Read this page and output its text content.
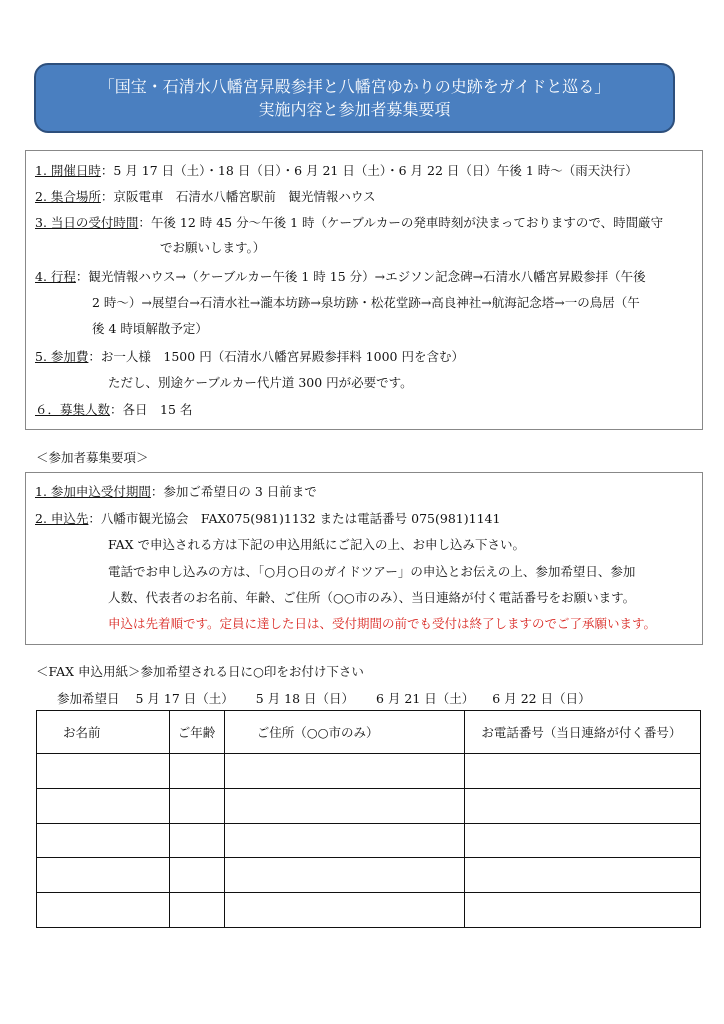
「国宝・石清水八幡宮昇殿参拝と八幡宮ゆかりの史跡をガイドと巡る」
実施内容と参加者募集要項
1. 開催日時：5 月 17 日（土）・18 日（日）・6 月 21 日（土）・6 月 22 日（日）午後 1 時～（雨天決行）
2. 集合場所：京阪電車　石清水八幡宮駅前　観光情報ハウス
3. 当日の受付時間：午後 12 時 45 分～午後 1 時（ケーブルカーの発車時刻が決まっておりますので、時間厳守
でお願いします。）
4. 行程：観光情報ハウス→（ケーブルカー午後 1 時 15 分）→エジソン記念碑→石清水八幡宮昇殿参拝（午後
2 時～）→展望台→石清水社→瀧本坊跡→泉坊跡・松花堂跡→高良神社→航海記念塔→一の鳥居（午
後 4 時頃解散予定）
5. 参加費：お一人様　1500 円（石清水八幡宮昇殿参拝料 1000 円を含む）
ただし、別途ケーブルカー代片道 300 円が必要です。
６．募集人数：各日　15 名
＜参加者募集要項＞
1. 参加申込受付期間：参加ご希望日の 3 日前まで
2. 申込先：八幡市観光協会　FAX075(981)1132 または電話番号 075(981)1141
FAX で申込される方は下記の申込用紙にご記入の上、お申し込み下さい。
電話でお申し込みの方は、「○月○日のガイドツアー」の申込とお伝えの上、参加希望日、参加
人数、代表者のお名前、年齢、ご住所（○○市のみ）、当日連絡が付く電話番号をお願います。
申込は先着順です。定員に達した日は、受付期間の前でも受付は終了しますのでご了承願います。
＜FAX 申込用紙＞参加希望される日に○印をお付け下さい
参加希望日 5 月 17 日（土） 5 月 18 日（日） 6 月 21 日（土） 6 月 22 日（日）
お名前	ご年齢	ご住所（○○市のみ）	お電話番号（当日連絡が付く番号）
